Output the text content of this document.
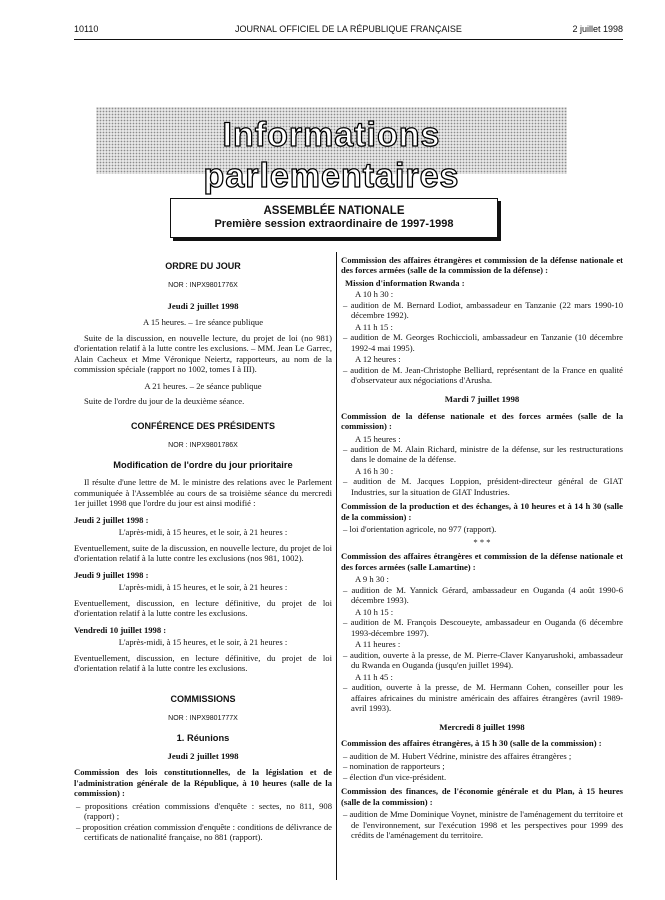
10110	JOURNAL OFFICIEL DE LA RÉPUBLIQUE FRANÇAISE	2 juillet 1998
Informations parlementaires
ASSEMBLÉE NATIONALE
Première session extraordinaire de 1997-1998
ORDRE DU JOUR
NOR : INPX9801776X
Jeudi 2 juillet 1998
A 15 heures. – 1re séance publique

Suite de la discussion, en nouvelle lecture, du projet de loi (no 981) d'orientation relatif à la lutte contre les exclusions. – MM. Jean Le Garrec, Alain Cacheux et Mme Véronique Neiertz, rapporteurs, au nom de la commission spéciale (rapport no 1002, tomes I à III).

A 21 heures. – 2e séance publique

Suite de l'ordre du jour de la deuxième séance.

CONFÉRENCE DES PRÉSIDENTS
NOR : INPX9801786X
Modification de l'ordre du jour prioritaire

Il résulte d'une lettre de M. le ministre des relations avec le Parlement communiquée à l'Assemblée au cours de sa troisième séance du mercredi 1er juillet 1998 que l'ordre du jour est ainsi modifié :

Jeudi 2 juillet 1998 :
L'après-midi, à 15 heures, et le soir, à 21 heures :
Eventuellement, suite de la discussion, en nouvelle lecture, du projet de loi d'orientation relatif à la lutte contre les exclusions (nos 981, 1002).
Jeudi 9 juillet 1998 :
L'après-midi, à 15 heures, et le soir, à 21 heures :
Eventuellement, discussion, en lecture définitive, du projet de loi d'orientation relatif à la lutte contre les exclusions.
Vendredi 10 juillet 1998 :
L'après-midi, à 15 heures, et le soir, à 21 heures :
Eventuellement, discussion, en lecture définitive, du projet de loi d'orientation relatif à la lutte contre les exclusions.
COMMISSIONS
NOR : INPX9801777X
1. Réunions
Jeudi 2 juillet 1998
Commission des lois constitutionnelles, de la législation et de l'administration générale de la République, à 10 heures (salle de la commission) :
– propositions création commissions d'enquête : sectes, no 811, 908 (rapport) ;
– proposition création commission d'enquête : conditions de délivrance de certificats de nationalité française, no 881 (rapport).
Commission des affaires étrangères et commission de la défense nationale et des forces armées (salle de la commission de la défense) :
Mission d'information Rwanda :
A 10 h 30 :
– audition de M. Bernard Lodiot, ambassadeur en Tanzanie (22 mars 1990-10 décembre 1992).
A 11 h 15 :
– audition de M. Georges Rochiccioli, ambassadeur en Tanzanie (10 décembre 1992-4 mai 1995).
A 12 heures :
– audition de M. Jean-Christophe Belliard, représentant de la France en qualité d'observateur aux négociations d'Arusha.
Mardi 7 juillet 1998
Commission de la défense nationale et des forces armées (salle de la commission) :
A 15 heures :
– audition de M. Alain Richard, ministre de la défense, sur les restructurations dans le domaine de la défense.
A 16 h 30 :
– audition de M. Jacques Loppion, président-directeur général de GIAT Industries, sur la situation de GIAT Industries.
Commission de la production et des échanges, à 10 heures et à 14 h 30 (salle de la commission) :
– loi d'orientation agricole, no 977 (rapport).
* * *
Commission des affaires étrangères et commission de la défense nationale et des forces armées (salle Lamartine) :
A 9 h 30 :
– audition de M. Yannick Gérard, ambassadeur en Ouganda (4 août 1990-6 décembre 1993).
A 10 h 15 :
– audition de M. François Descoueyte, ambassadeur en Ouganda (6 décembre 1993-décembre 1997).
A 11 heures :
– audition, ouverte à la presse, de M. Pierre-Claver Kanyarushoki, ambassadeur du Rwanda en Ouganda (jusqu'en juillet 1994).
A 11 h 45 :
– audition, ouverte à la presse, de M. Hermann Cohen, conseiller pour les affaires africaines du ministre américain des affaires étrangères (avril 1989-avril 1993).
Mercredi 8 juillet 1998
Commission des affaires étrangères, à 15 h 30 (salle de la commission) :
– audition de M. Hubert Védrine, ministre des affaires étrangères ;
– nomination de rapporteurs ;
– élection d'un vice-président.
Commission des finances, de l'économie générale et du Plan, à 15 heures (salle de la commission) :
– audition de Mme Dominique Voynet, ministre de l'aménagement du territoire et de l'environnement, sur l'exécution 1998 et les perspectives pour 1999 des crédits de l'aménagement du territoire.
